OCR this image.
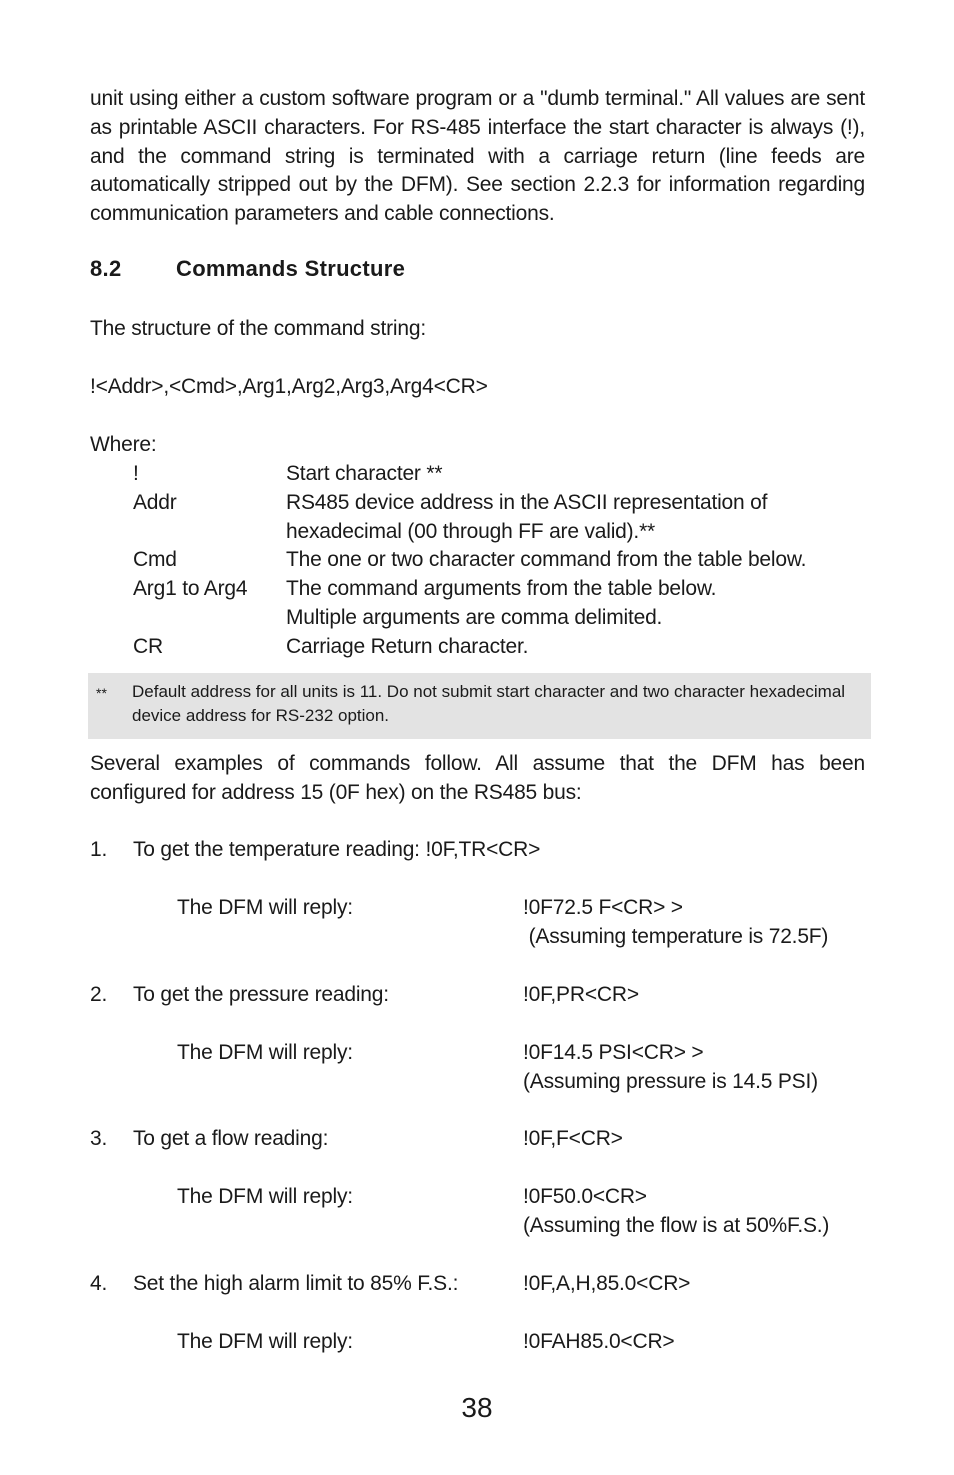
unit using either a custom software program or a "dumb terminal." All values are sent as printable ASCII characters. For RS-485 interface the start character is always (!), and the command string is terminated with a carriage return (line feeds are automatically stripped out by the DFM). See section 2.2.3 for information regarding communication parameters and cable connections.

8.2 Commands Structure

The structure of the command string:

!<Addr>,<Cmd>,Arg1,Arg2,Arg3,Arg4<CR>

Where:

!	Start character **
Addr	RS485 device address in the ASCII representation of
hexadecimal (00 through FF are valid).**
Cmd	The one or two character command from the table below.
Arg1 to Arg4	The command arguments from the table below.
Multiple arguments are comma delimited.
CR	Carriage Return character.
** Default address for all units is 11. Do not submit start character and two character hexadecimal device address for RS-232 option.

Several examples of commands follow. All assume that the DFM has been configured for address 15 (0F hex) on the RS485 bus:

1. To get the temperature reading: !0F,TR<CR>
The DFM will reply:	!0F72.5 F<CR> >
(Assuming temperature is 72.5F)
2. To get the pressure reading:	!0F,PR<CR>
The DFM will reply:	!0F14.5 PSI<CR> >
(Assuming pressure is 14.5 PSI)
3. To get a flow reading:	!0F,F<CR>
The DFM will reply:	!0F50.0<CR>
(Assuming the flow is at 50%F.S.)
4. Set the high alarm limit to 85% F.S.:	!0F,A,H,85.0<CR>
The DFM will reply:	!0FAH85.0<CR>
38
